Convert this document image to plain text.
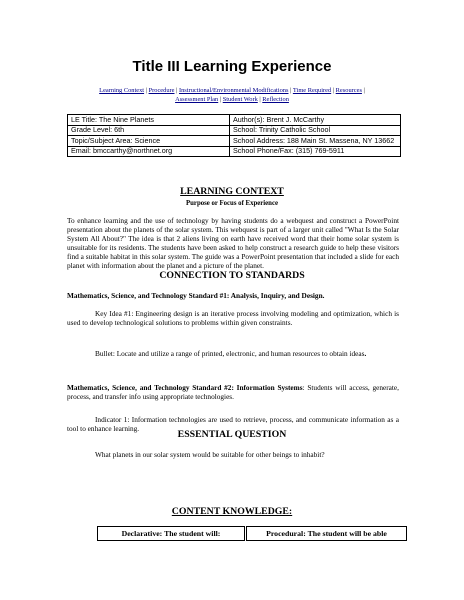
Title III Learning Experience
Learning Context | Procedure | Instructional/Environmental Modifications | Time Required | Resources |
Assessment Plan | Student Work | Reflection
LE Title: The Nine Planets	Author(s): Brent J. McCarthy
Grade Level: 6th	School: Trinity Catholic School
Topic/Subject Area: Science	School Address: 188 Main St. Massena, NY 13662
Email: bmccarthy@northnet.org	School Phone/Fax: (315) 769-5911
LEARNING CONTEXT
Purpose or Focus of Experience
To enhance learning and the use of technology by having students do a webquest and construct a PowerPoint presentation about the planets of the solar system. This webquest is part of a larger unit called "What Is the Solar System All About?" The idea is that 2 aliens living on earth have received word that their home solar system is unsuitable for its residents. The students have been asked to help construct a research guide to help these visitors find a suitable habitat in this solar system. The guide was a PowerPoint presentation that included a slide for each planet with information about the planet and a picture of the planet.
CONNECTION TO STANDARDS
Mathematics, Science, and Technology Standard #1: Analysis, Inquiry, and Design.
Key Idea #1: Engineering design is an iterative process involving modeling and optimization, which is used to develop technological solutions to problems within given constraints.
Bullet: Locate and utilize a range of printed, electronic, and human resources to obtain ideas.
Mathematics, Science, and Technology Standard #2: Information Systems: Students will access, generate, process, and transfer info using appropriate technologies.
Indicator 1: Information technologies are used to retrieve, process, and communicate information as a tool to enhance learning.
ESSENTIAL QUESTION
What planets in our solar system would be suitable for other beings to inhabit?
CONTENT KNOWLEDGE:
Declarative: The student will:	Procedural: The student will be able
